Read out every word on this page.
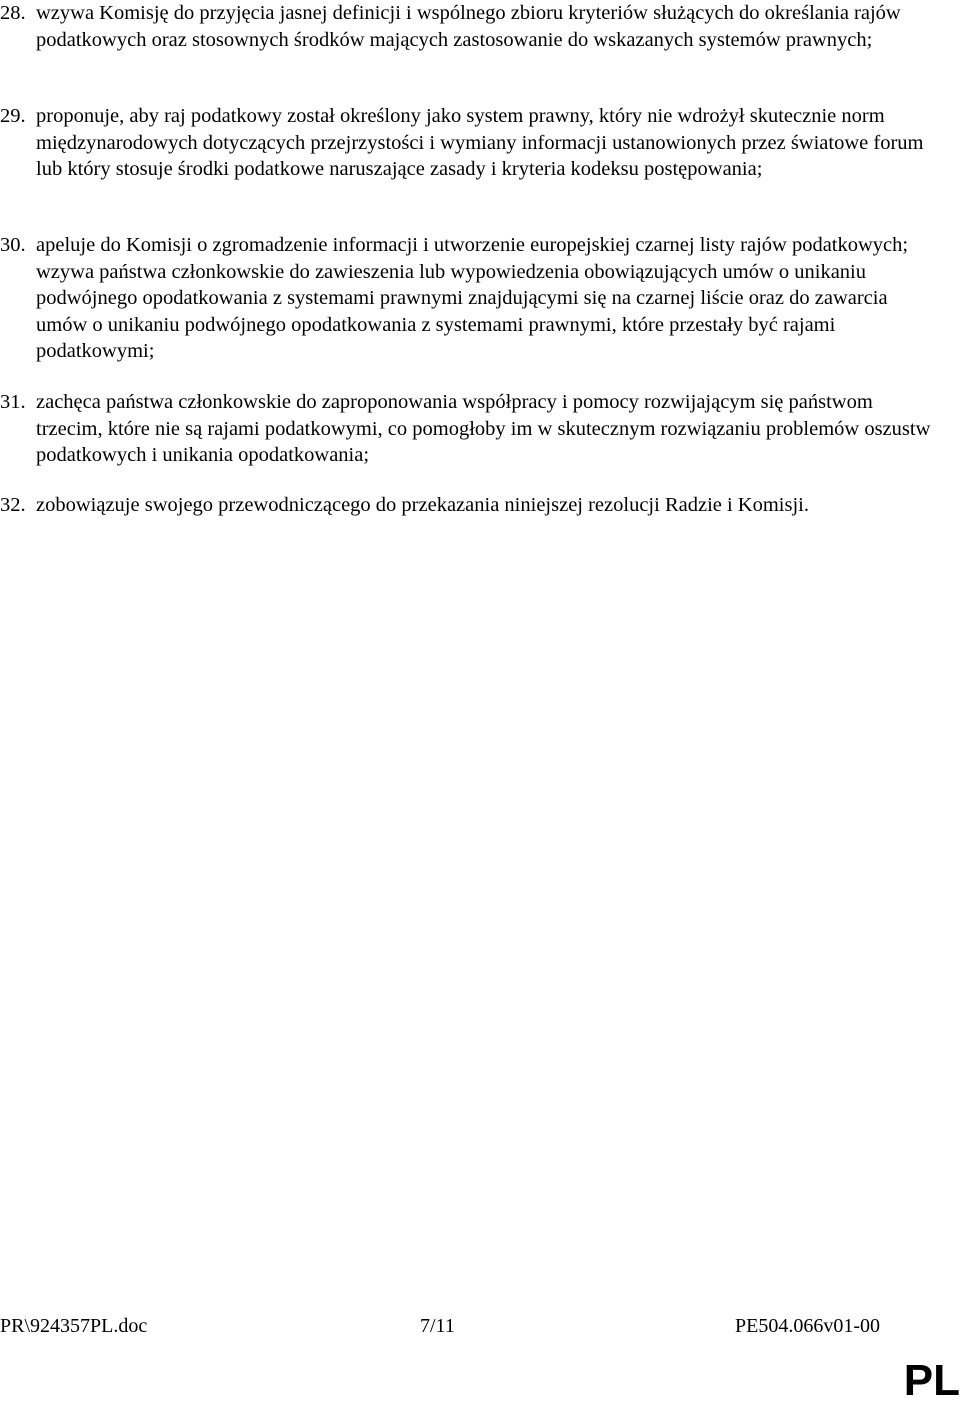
28. wzywa Komisję do przyjęcia jasnej definicji i wspólnego zbioru kryteriów służących do określania rajów podatkowych oraz stosownych środków mających zastosowanie do wskazanych systemów prawnych;
29. proponuje, aby raj podatkowy został określony jako system prawny, który nie wdrożył skutecznie norm międzynarodowych dotyczących przejrzystości i wymiany informacji ustanowionych przez światowe forum lub który stosuje środki podatkowe naruszające zasady i kryteria kodeksu postępowania;
30. apeluje do Komisji o zgromadzenie informacji i utworzenie europejskiej czarnej listy rajów podatkowych; wzywa państwa członkowskie do zawieszenia lub wypowiedzenia obowiązujących umów o unikaniu podwójnego opodatkowania z systemami prawnymi znajdującymi się na czarnej liście oraz do zawarcia umów o unikaniu podwójnego opodatkowania z systemami prawnymi, które przestały być rajami podatkowymi;
31. zachęca państwa członkowskie do zaproponowania współpracy i pomocy rozwijającym się państwom trzecim, które nie są rajami podatkowymi, co pomogłoby im w skutecznym rozwiązaniu problemów oszustw podatkowych i unikania opodatkowania;
32. zobowiązuje swojego przewodniczącego do przekazania niniejszej rezolucji Radzie i Komisji.
PR\924357PL.doc	7/11	PE504.066v01-00
PL
